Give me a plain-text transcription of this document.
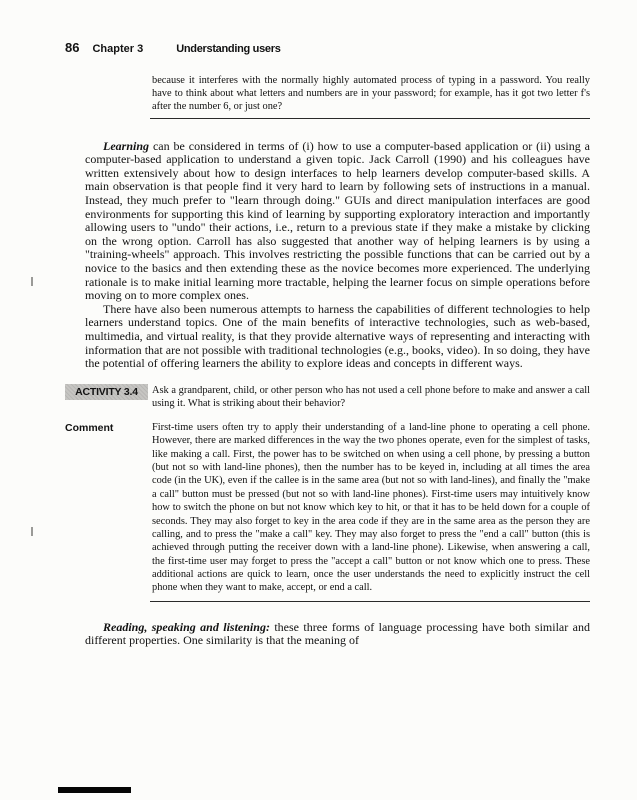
86 Chapter 3	Understanding users
because it interferes with the normally highly automated process of typing in a password. You really have to think about what letters and numbers are in your password; for example, has it got two letter f's after the number 6, or just one?

Learning can be considered in terms of (i) how to use a computer-based application or (ii) using a computer-based application to understand a given topic. Jack Carroll (1990) and his colleagues have written extensively about how to design interfaces to help learners develop computer-based skills. A main observation is that people find it very hard to learn by following sets of instructions in a manual. Instead, they much prefer to "learn through doing." GUIs and direct manipulation interfaces are good environments for supporting this kind of learning by supporting exploratory interaction and importantly allowing users to "undo" their actions, i.e., return to a previous state if they make a mistake by clicking on the wrong option. Carroll has also suggested that another way of helping learners is by using a "training-wheels" approach. This involves restricting the possible functions that can be carried out by a novice to the basics and then extending these as the novice becomes more experienced. The underlying rationale is to make initial learning more tractable, helping the learner focus on simple operations before moving on to more complex ones.

There have also been numerous attempts to harness the capabilities of different technologies to help learners understand topics. One of the main benefits of interactive technologies, such as web-based, multimedia, and virtual reality, is that they provide alternative ways of representing and interacting with information that are not possible with traditional technologies (e.g., books, video). In so doing, they have the potential of offering learners the ability to explore ideas and concepts in different ways.

ACTIVITY 3.4	Ask a grandparent, child, or other person who has not used a cell phone before to make and answer a call using it. What is striking about their behavior?
Comment	First-time users often try to apply their understanding of a land-line phone to operating a cell phone. However, there are marked differences in the way the two phones operate, even for the simplest of tasks, like making a call. First, the power has to be switched on when using a cell phone, by pressing a button (but not so with land-line phones), then the number has to be keyed in, including at all times the area code (in the UK), even if the callee is in the same area (but not so with land-lines), and finally the "make a call" button must be pressed (but not so with land-line phones). First-time users may intuitively know how to switch the phone on but not know which key to hit, or that it has to be held down for a couple of seconds. They may also forget to key in the area code if they are in the same area as the person they are calling, and to press the "make a call" key. They may also forget to press the "end a call" button (this is achieved through putting the receiver down with a land-line phone). Likewise, when answering a call, the first-time user may forget to press the "accept a call" button or not know which one to press. These additional actions are quick to learn, once the user understands the need to explicitly instruct the cell phone when they want to make, accept, or end a call.

Reading, speaking and listening: these three forms of language processing have both similar and different properties. One similarity is that the meaning of
